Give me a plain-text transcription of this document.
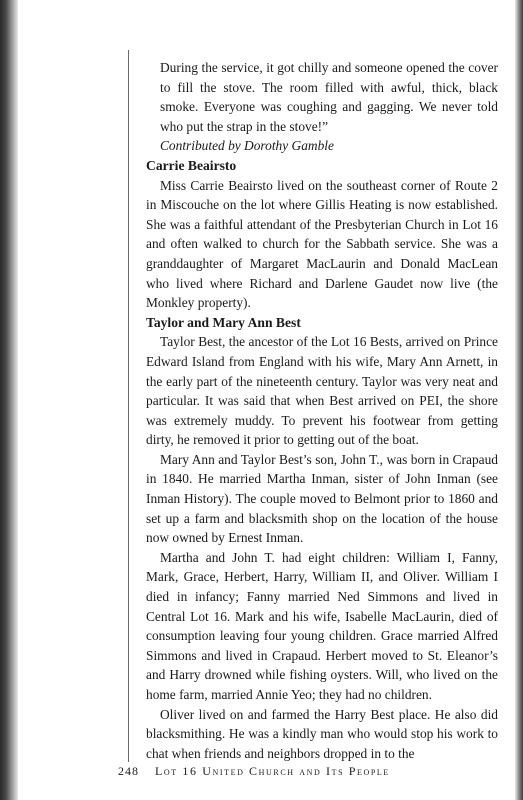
During the service, it got chilly and someone opened the cover to fill the stove. The room filled with awful, thick, black smoke. Everyone was coughing and gagging. We never told who put the strap in the stove!”

Contributed by Dorothy Gamble

Carrie Beairsto

Miss Carrie Beairsto lived on the southeast corner of Route 2 in Miscouche on the lot where Gillis Heating is now established. She was a faithful attendant of the Presbyterian Church in Lot 16 and often walked to church for the Sabbath service. She was a granddaughter of Margaret MacLaurin and Donald MacLean who lived where Richard and Darlene Gaudet now live (the Monkley property).

Taylor and Mary Ann Best

Taylor Best, the ancestor of the Lot 16 Bests, arrived on Prince Edward Island from England with his wife, Mary Ann Arnett, in the early part of the nineteenth century. Taylor was very neat and particular. It was said that when Best arrived on PEI, the shore was extremely muddy. To prevent his footwear from getting dirty, he removed it prior to getting out of the boat.

Mary Ann and Taylor Best’s son, John T., was born in Crapaud in 1840. He married Martha Inman, sister of John Inman (see Inman History). The couple moved to Belmont prior to 1860 and set up a farm and blacksmith shop on the location of the house now owned by Ernest Inman.

Martha and John T. had eight children: William I, Fanny, Mark, Grace, Herbert, Harry, William II, and Oliver. William I died in infancy; Fanny married Ned Simmons and lived in Central Lot 16. Mark and his wife, Isabelle MacLaurin, died of consumption leaving four young children. Grace married Alfred Simmons and lived in Crapaud. Herbert moved to St. Eleanor’s and Harry drowned while fishing oysters. Will, who lived on the home farm, married Annie Yeo; they had no children.

Oliver lived on and farmed the Harry Best place. He also did blacksmithing. He was a kindly man who would stop his work to chat when friends and neighbors dropped in to the

248 Lot 16 United Church and Its People
